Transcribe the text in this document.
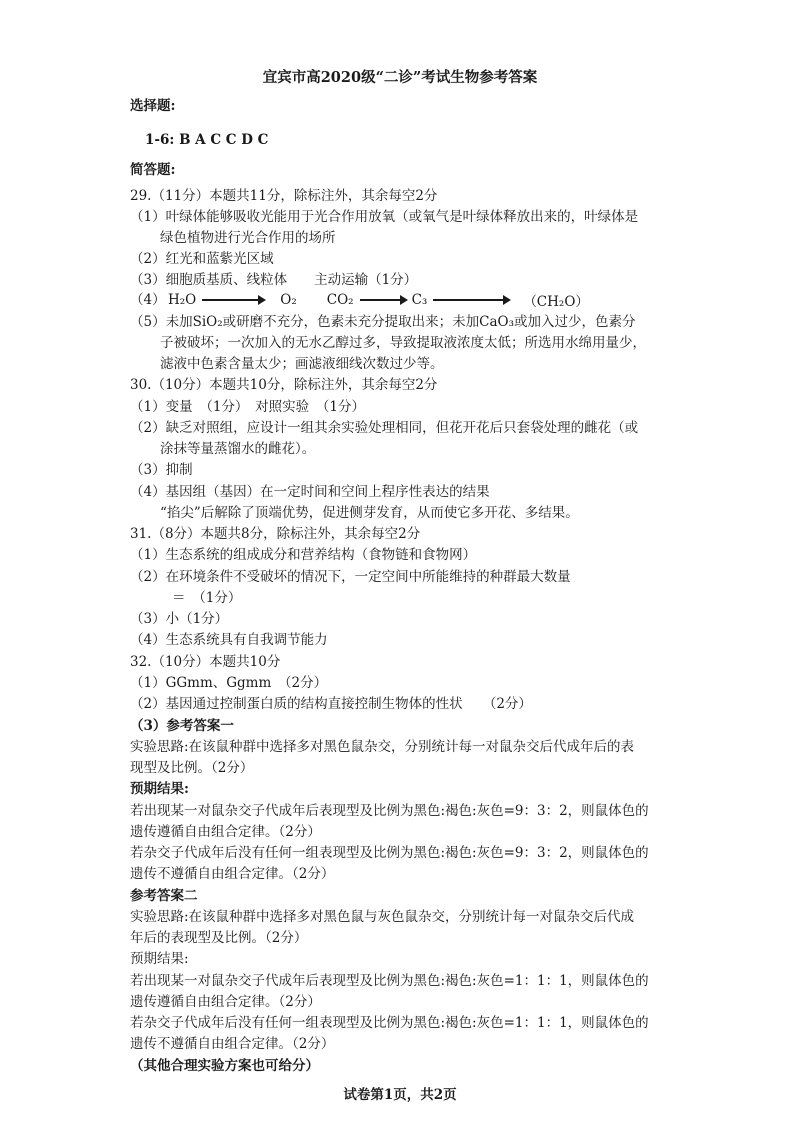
宜宾市高2020级“二诊”考试生物参考答案
选择题:
1-6: B A C C D C
简答题:
29.（11分）本题共11分，除标注外，其余每空2分
（1）叶绿体能够吸收光能用于光合作用放氧（或氧气是叶绿体释放出来的，叶绿体是
绿色植物进行光合作用的场所
（2）红光和蓝紫光区域
（3）细胞质基质、线粒体　　主动运输（1分）
（4） H₂O	O₂ CO₂	C₃	（CH₂O）
（5）未加SiO₂或研磨不充分，色素未充分提取出来；未加CaO₃或加入过少，色素分
子被破坏；一次加入的无水乙醇过多，导致提取液浓度太低；所选用水绵用量少，
滤液中色素含量太少；画滤液细线次数过少等。
30.（10分）本题共10分，除标注外，其余每空2分
（1）变量　（1分）　对照实验　（1分）
（2）缺乏对照组，应设计一组其余实验处理相同，但花开花后只套袋处理的雌花（或
涂抹等量蒸馏水的雌花）。
（3）抑制
（4）基因组（基因）在一定时间和空间上程序性表达的结果
“掐尖”后解除了顶端优势，促进侧芽发育，从而使它多开花、多结果。
31.（8分）本题共8分，除标注外，其余每空2分
（1）生态系统的组成成分和营养结构（食物链和食物网）
（2）在环境条件不受破坏的情况下，一定空间中所能维持的种群最大数量
＝　（1分）
（3）小（1分）
（4）生态系统具有自我调节能力
32.（10分）本题共10分
（1）GGmm、Ggmm　（2分）
（2）基因通过控制蛋白质的结构直接控制生物体的性状　　（2分）
（3）参考答案一
实验思路:在该鼠种群中选择多对黑色鼠杂交，分别统计每一对鼠杂交后代成年后的表
现型及比例。（2分）
预期结果:
若出现某一对鼠杂交子代成年后表现型及比例为黑色:褐色:灰色=9：3：2，则鼠体色的
遗传遵循自由组合定律。（2分）
若杂交子代成年后没有任何一组表现型及比例为黑色:褐色:灰色=9：3：2，则鼠体色的
遗传不遵循自由组合定律。（2分）
参考答案二
实验思路:在该鼠种群中选择多对黑色鼠与灰色鼠杂交，分别统计每一对鼠杂交后代成
年后的表现型及比例。（2分）
预期结果:
若出现某一对鼠杂交子代成年后表现型及比例为黑色:褐色:灰色=1：1：1，则鼠体色的
遗传遵循自由组合定律。（2分）
若杂交子代成年后没有任何一组表现型及比例为黑色:褐色:灰色=1：1：1，则鼠体色的
遗传不遵循自由组合定律。（2分）
（其他合理实验方案也可给分）
试卷第1页，共2页
